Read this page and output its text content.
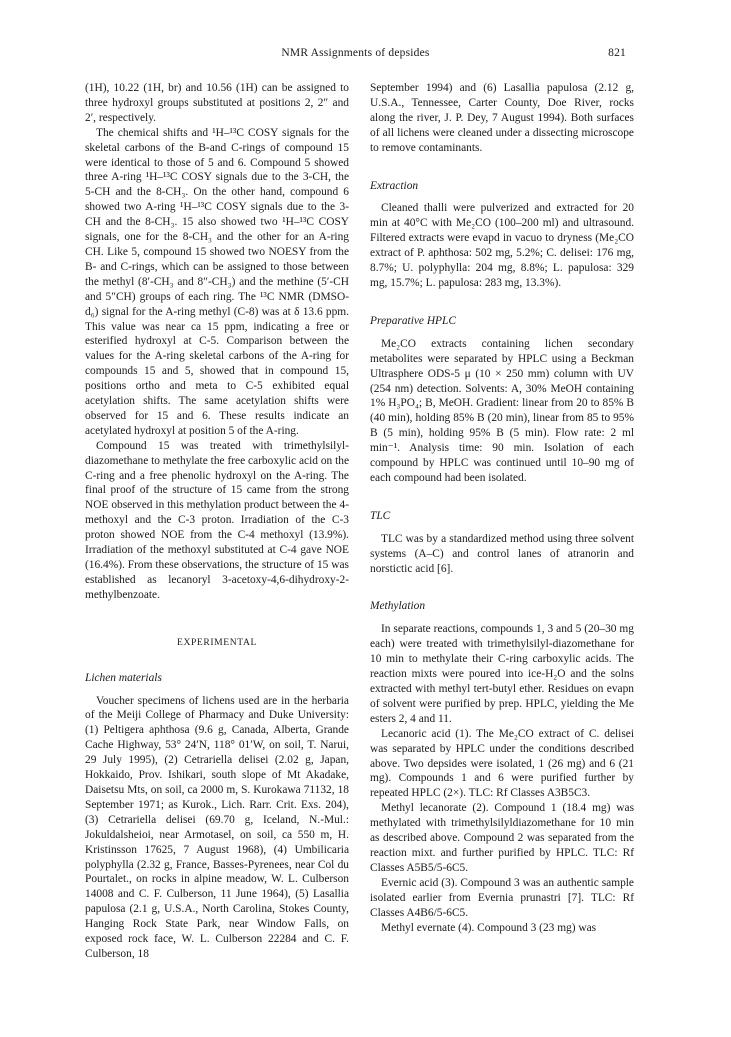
NMR Assignments of depsides	821

(1H), 10.22 (1H, br) and 10.56 (1H) can be assigned to three hydroxyl groups substituted at positions 2, 2″ and 2′, respectively.

The chemical shifts and ¹H–¹³C COSY signals for the skeletal carbons of the B-and C-rings of compound 15 were identical to those of 5 and 6. Compound 5 showed three A-ring ¹H–¹³C COSY signals due to the 3-CH, the 5-CH and the 8-CH₃. On the other hand, compound 6 showed two A-ring ¹H–¹³C COSY signals due to the 3-CH and the 8-CH₃. 15 also showed two ¹H–¹³C COSY signals, one for the 8-CH₃ and the other for an A-ring CH. Like 5, compound 15 showed two NOESY from the B- and C-rings, which can be assigned to those between the methyl (8′-CH₃ and 8″-CH₃) and the methine (5′-CH and 5″CH) groups of each ring. The ¹³C NMR (DMSO-d₆) signal for the A-ring methyl (C-8) was at δ 13.6 ppm. This value was near ca 15 ppm, indicating a free or esterified hydroxyl at C-5. Comparison between the values for the A-ring skeletal carbons of the A-ring for compounds 15 and 5, showed that in compound 15, positions ortho and meta to C-5 exhibited equal acetylation shifts. The same acetylation shifts were observed for 15 and 6. These results indicate an acetylated hydroxyl at position 5 of the A-ring.

Compound 15 was treated with trimethylsilyl-diazomethane to methylate the free carboxylic acid on the C-ring and a free phenolic hydroxyl on the A-ring. The final proof of the structure of 15 came from the strong NOE observed in this methylation product between the 4-methoxyl and the C-3 proton. Irradiation of the C-3 proton showed NOE from the C-4 methoxyl (13.9%). Irradiation of the methoxyl substituted at C-4 gave NOE (16.4%). From these observations, the structure of 15 was established as lecanoryl 3-acetoxy-4,6-dihydroxy-2-methylbenzoate.

EXPERIMENTAL
Lichen materials

Voucher specimens of lichens used are in the herbaria of the Meiji College of Pharmacy and Duke University: (1) Peltigera aphthosa (9.6 g, Canada, Alberta, Grande Cache Highway, 53° 24′N, 118° 01′W, on soil, T. Narui, 29 July 1995), (2) Cetrariella delisei (2.02 g, Japan, Hokkaido, Prov. Ishikari, south slope of Mt Akadake, Daisetsu Mts, on soil, ca 2000 m, S. Kurokawa 71132, 18 September 1971; as Kurok., Lich. Rarr. Crit. Exs. 204), (3) Cetrariella delisei (69.70 g, Iceland, N.-Mul.: Jokuldalsheioi, near Armotasel, on soil, ca 550 m, H. Kristinsson 17625, 7 August 1968), (4) Umbilicaria polyphylla (2.32 g, France, Basses-Pyrenees, near Col du Pourtalet., on rocks in alpine meadow, W. L. Culberson 14008 and C. F. Culberson, 11 June 1964), (5) Lasallia papulosa (2.1 g, U.S.A., North Carolina, Stokes County, Hanging Rock State Park, near Window Falls, on exposed rock face, W. L. Culberson 22284 and C. F. Culberson, 18

September 1994) and (6) Lasallia papulosa (2.12 g, U.S.A., Tennessee, Carter County, Doe River, rocks along the river, J. P. Dey, 7 August 1994). Both surfaces of all lichens were cleaned under a dissecting microscope to remove contaminants.

Extraction

Cleaned thalli were pulverized and extracted for 20 min at 40°C with Me₂CO (100–200 ml) and ultrasound. Filtered extracts were evapd in vacuo to dryness (Me₂CO extract of P. aphthosa: 502 mg, 5.2%; C. delisei: 176 mg, 8.7%; U. polyphylla: 204 mg, 8.8%; L. papulosa: 329 mg, 15.7%; L. papulosa: 283 mg, 13.3%).

Preparative HPLC

Me₂CO extracts containing lichen secondary metabolites were separated by HPLC using a Beckman Ultrasphere ODS-5 μ (10 × 250 mm) column with UV (254 nm) detection. Solvents: A, 30% MeOH containing 1% H₃PO₄; B, MeOH. Gradient: linear from 20 to 85% B (40 min), holding 85% B (20 min), linear from 85 to 95% B (5 min), holding 95% B (5 min). Flow rate: 2 ml min⁻¹. Analysis time: 90 min. Isolation of each compound by HPLC was continued until 10–90 mg of each compound had been isolated.

TLC

TLC was by a standardized method using three solvent systems (A–C) and control lanes of atranorin and norstictic acid [6].

Methylation

In separate reactions, compounds 1, 3 and 5 (20–30 mg each) were treated with trimethylsilyl-diazomethane for 10 min to methylate their C-ring carboxylic acids. The reaction mixts were poured into ice-H₂O and the solns extracted with methyl tert-butyl ether. Residues on evapn of solvent were purified by prep. HPLC, yielding the Me esters 2, 4 and 11.

Lecanoric acid (1). The Me₂CO extract of C. delisei was separated by HPLC under the conditions described above. Two depsides were isolated, 1 (26 mg) and 6 (21 mg). Compounds 1 and 6 were purified further by repeated HPLC (2×). TLC: Rf Classes A3B5C3.

Methyl lecanorate (2). Compound 1 (18.4 mg) was methylated with trimethylsilyldiazomethane for 10 min as described above. Compound 2 was separated from the reaction mixt. and further purified by HPLC. TLC: Rf Classes A5B5/5-6C5.

Evernic acid (3). Compound 3 was an authentic sample isolated earlier from Evernia prunastri [7]. TLC: Rf Classes A4B6/5-6C5.

Methyl evernate (4). Compound 3 (23 mg) was
